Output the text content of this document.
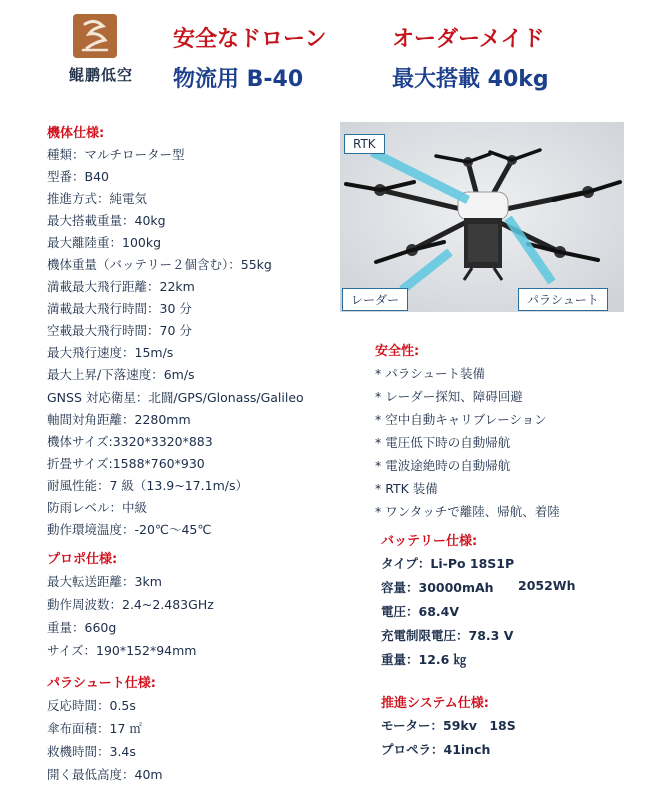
鲲鹏低空
安全なドローン	オーダーメイド
物流用 B-40	最大搭載 40kg
機体仕様:
種類：マルチローター型
型番：B40
推進方式：純電気
最大搭載重量：40kg
最大離陸重：100kg
機体重量（バッテリー２個含む）：55kg
満載最大飛行距離：22km
満載最大飛行時間：30 分
空載最大飛行時間：70 分
最大飛行速度：15m/s
最大上昇/下落速度：6m/s
GNSS 対応衛星：北闘/GPS/Glonass/Galileo
軸間対角距離：2280mm
機体サイズ:3320*3320*883
折畳サイズ:1588*760*930
耐風性能：7 級（13.9~17.1m/s）
防雨レベル：中級
動作環境温度：-20℃～45℃
プロポ仕様:
最大転送距離：3km
動作周波数：2.4~2.483GHz
重量：660g
サイズ：190*152*94mm
パラシュート仕様:
反応時間：0.5s
傘布面積：17 ㎡
救機時間：3.4s
開く最低高度：40m
RTK
レーダー	パラシュート
安全性:
* パラシュート装備
* レーダー探知、障碍回避
* 空中自動キャリブレーション
* 電圧低下時の自動帰航
* 電波途絶時の自動帰航
* RTK 装備
* ワンタッチで離陸、帰航、着陸
バッテリー仕様:
タイプ：Li-Po 18S1P
容量：30000mAh 2052Wh
電圧：68.4V
充電制限電圧：78.3 V
重量：12.6 ㎏
推進システム仕様:
モーター：59kv　18S
プロペラ：41inch
